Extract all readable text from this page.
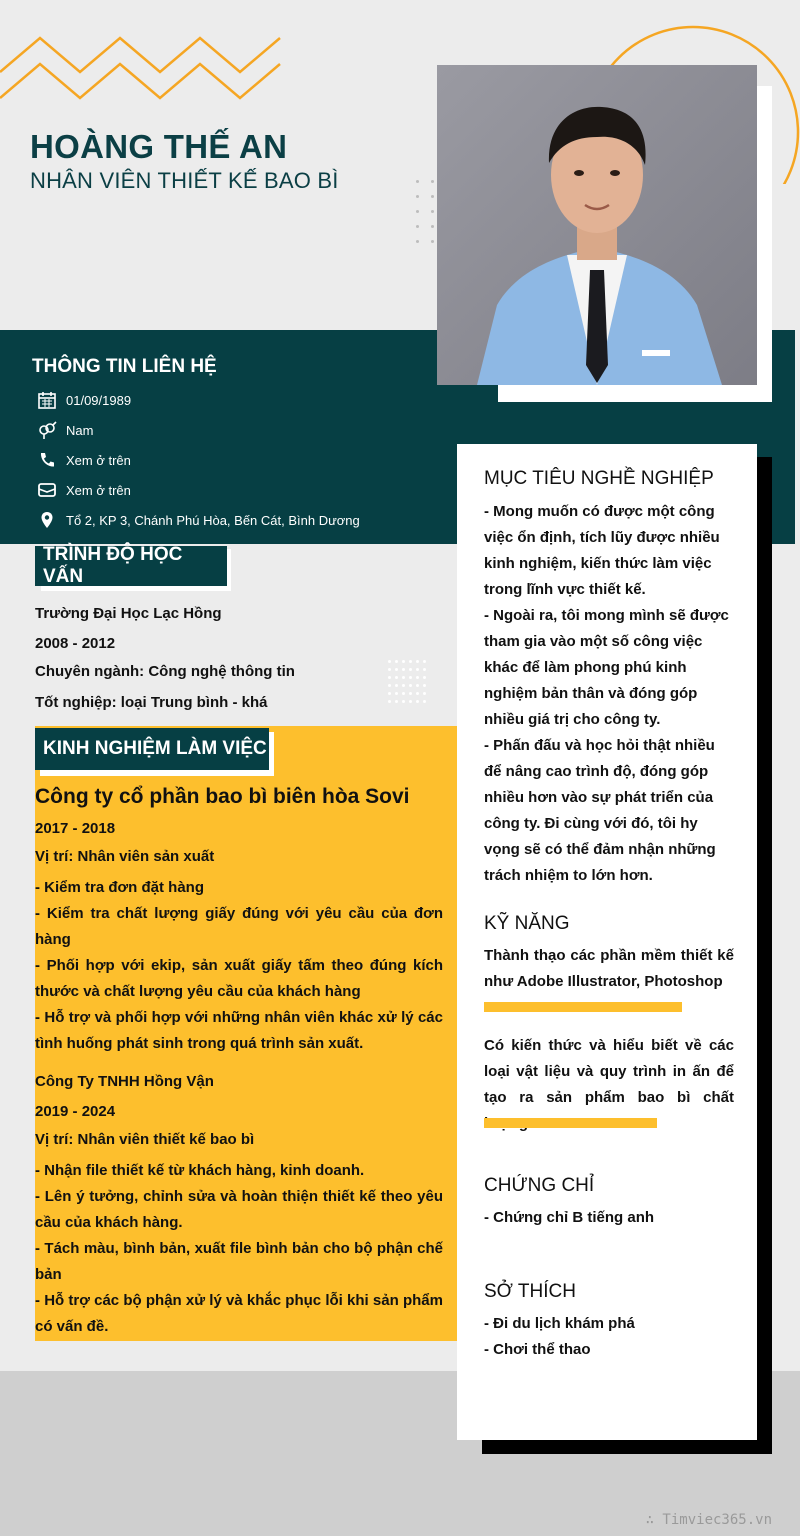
HOÀNG THẾ AN
NHÂN VIÊN THIẾT KẾ BAO BÌ
THÔNG TIN LIÊN HỆ
01/09/1989
Nam
Xem ở trên
Xem ở trên
Tổ 2, KP 3, Chánh Phú Hòa, Bến Cát, Bình Dương
TRÌNH ĐỘ HỌC VẤN
Trường Đại Học Lạc Hồng
2008 - 2012
Chuyên ngành: Công nghệ thông tin
Tốt nghiệp: loại Trung bình - khá
KINH NGHIỆM LÀM VIỆC
Công ty cổ phần bao bì biên hòa Sovi
2017 - 2018
Vị trí: Nhân viên sản xuất
- Kiểm tra đơn đặt hàng
- Kiểm tra chất lượng giấy đúng với yêu cầu của đơn hàng
- Phối hợp với ekip, sản xuất giấy tấm theo đúng kích thước và chất lượng yêu cầu của khách hàng
- Hỗ trợ và phối hợp với những nhân viên khác xử lý các tình huống phát sinh trong quá trình sản xuất.
Công Ty TNHH Hồng Vận
2019 - 2024
Vị trí: Nhân viên thiết kế bao bì
- Nhận file thiết kế từ khách hàng, kinh doanh.
- Lên ý tưởng, chỉnh sửa và hoàn thiện thiết kế theo yêu cầu của khách hàng.
- Tách màu, bình bản, xuất file bình bản cho bộ phận chế bản
- Hỗ trợ các bộ phận xử lý và khắc phục lỗi khi sản phẩm có vấn đề.
MỤC TIÊU NGHỀ NGHIỆP
- Mong muốn có được một công việc ổn định, tích lũy được nhiều kinh nghiệm, kiến thức làm việc trong lĩnh vực thiết kế.
- Ngoài ra, tôi mong mình sẽ được tham gia vào một số công việc khác để làm phong phú kinh nghiệm bản thân và đóng góp nhiều giá trị cho công ty.
- Phấn đấu và học hỏi thật nhiều để nâng cao trình độ, đóng góp nhiều hơn vào sự phát triển của công ty. Đi cùng với đó, tôi hy vọng sẽ có thể đảm nhận những trách nhiệm to lớn hơn.
KỸ NĂNG
Thành thạo các phần mềm thiết kế như Adobe Illustrator, Photoshop
Có kiến thức và hiểu biết về các loại vật liệu và quy trình in ấn để tạo ra sản phẩm bao bì chất
CHỨNG CHỈ
- Chứng chỉ B tiếng anh
SỞ THÍCH
- Đi du lịch khám phá
- Chơi thể thao
∴ Timviec365.vn
